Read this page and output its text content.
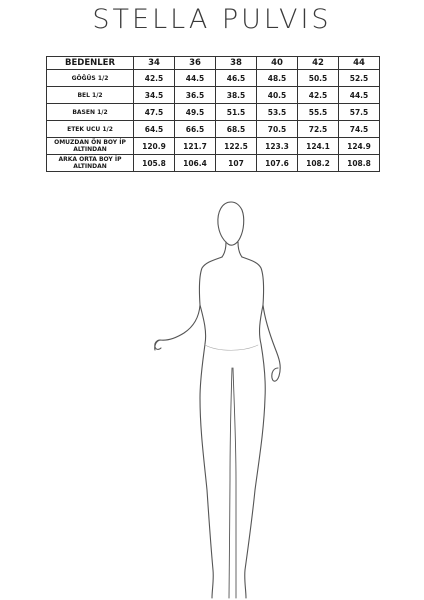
STELLA PULVIS
BEDENLER	34	36	38	40	42	44
GÖĞÜS 1/2	42.5	44.5	46.5	48.5	50.5	52.5
BEL 1/2	34.5	36.5	38.5	40.5	42.5	44.5
BASEN 1/2	47.5	49.5	51.5	53.5	55.5	57.5
ETEK UCU 1/2	64.5	66.5	68.5	70.5	72.5	74.5
OMUZDAN ÖN BOY İP ALTINDAN	120.9	121.7	122.5	123.3	124.1	124.9
ARKA ORTA BOY İP ALTINDAN	105.8	106.4	107	107.6	108.2	108.8
